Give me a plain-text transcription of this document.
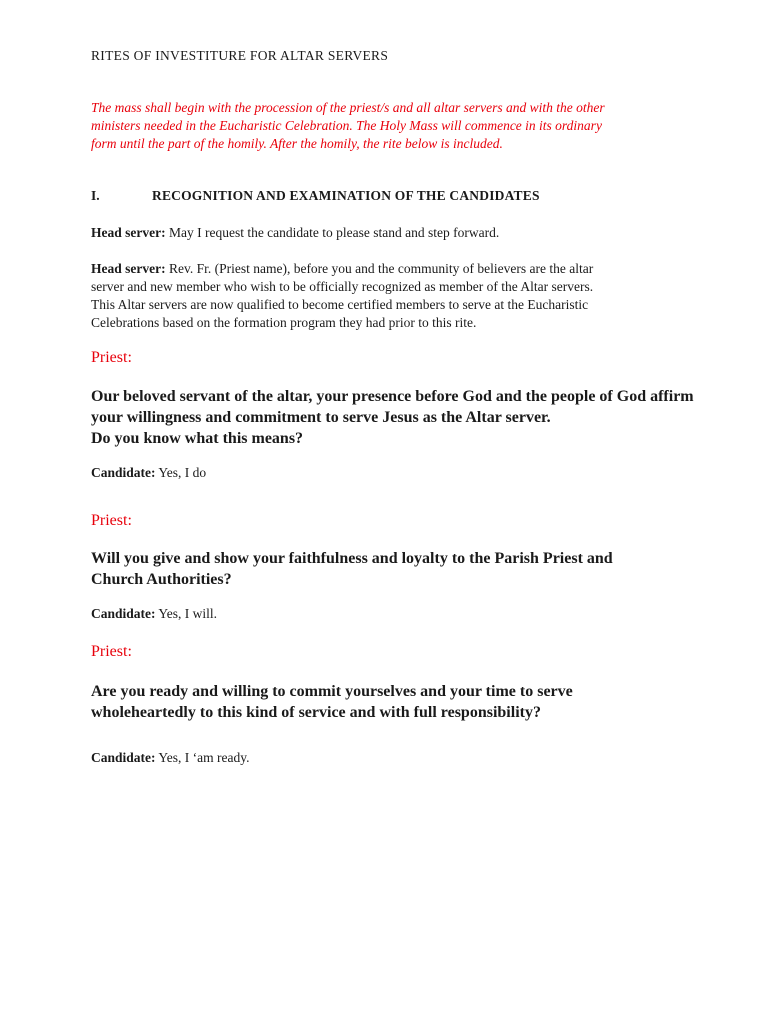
RITES OF INVESTITURE FOR ALTAR SERVERS

The mass shall begin with the procession of the priest/s and all altar servers and with the other
ministers needed in the Eucharistic Celebration. The Holy Mass will commence in its ordinary
form until the part of the homily. After the homily, the rite below is included.

I.	RECOGNITION AND EXAMINATION OF THE CANDIDATES

Head server: May I request the candidate to please stand and step forward.
Head server: Rev. Fr. (Priest name), before you and the community of believers are the altar
server and new member who wish to be officially recognized as member of the Altar servers.
This Altar servers are now qualified to become certified members to serve at the Eucharistic
Celebrations based on the formation program they had prior to this rite.

Priest:

Our beloved servant of the altar, your presence before God and the people of God affirm
your willingness and commitment to serve Jesus as the Altar server.
Do you know what this means?

Candidate: Yes, I do

Priest:

Will you give and show your faithfulness and loyalty to the Parish Priest and
Church Authorities?

Candidate: Yes, I will.

Priest:

Are you ready and willing to commit yourselves and your time to serve
wholeheartedly to this kind of service and with full responsibility?

Candidate: Yes, I ‘am ready.
